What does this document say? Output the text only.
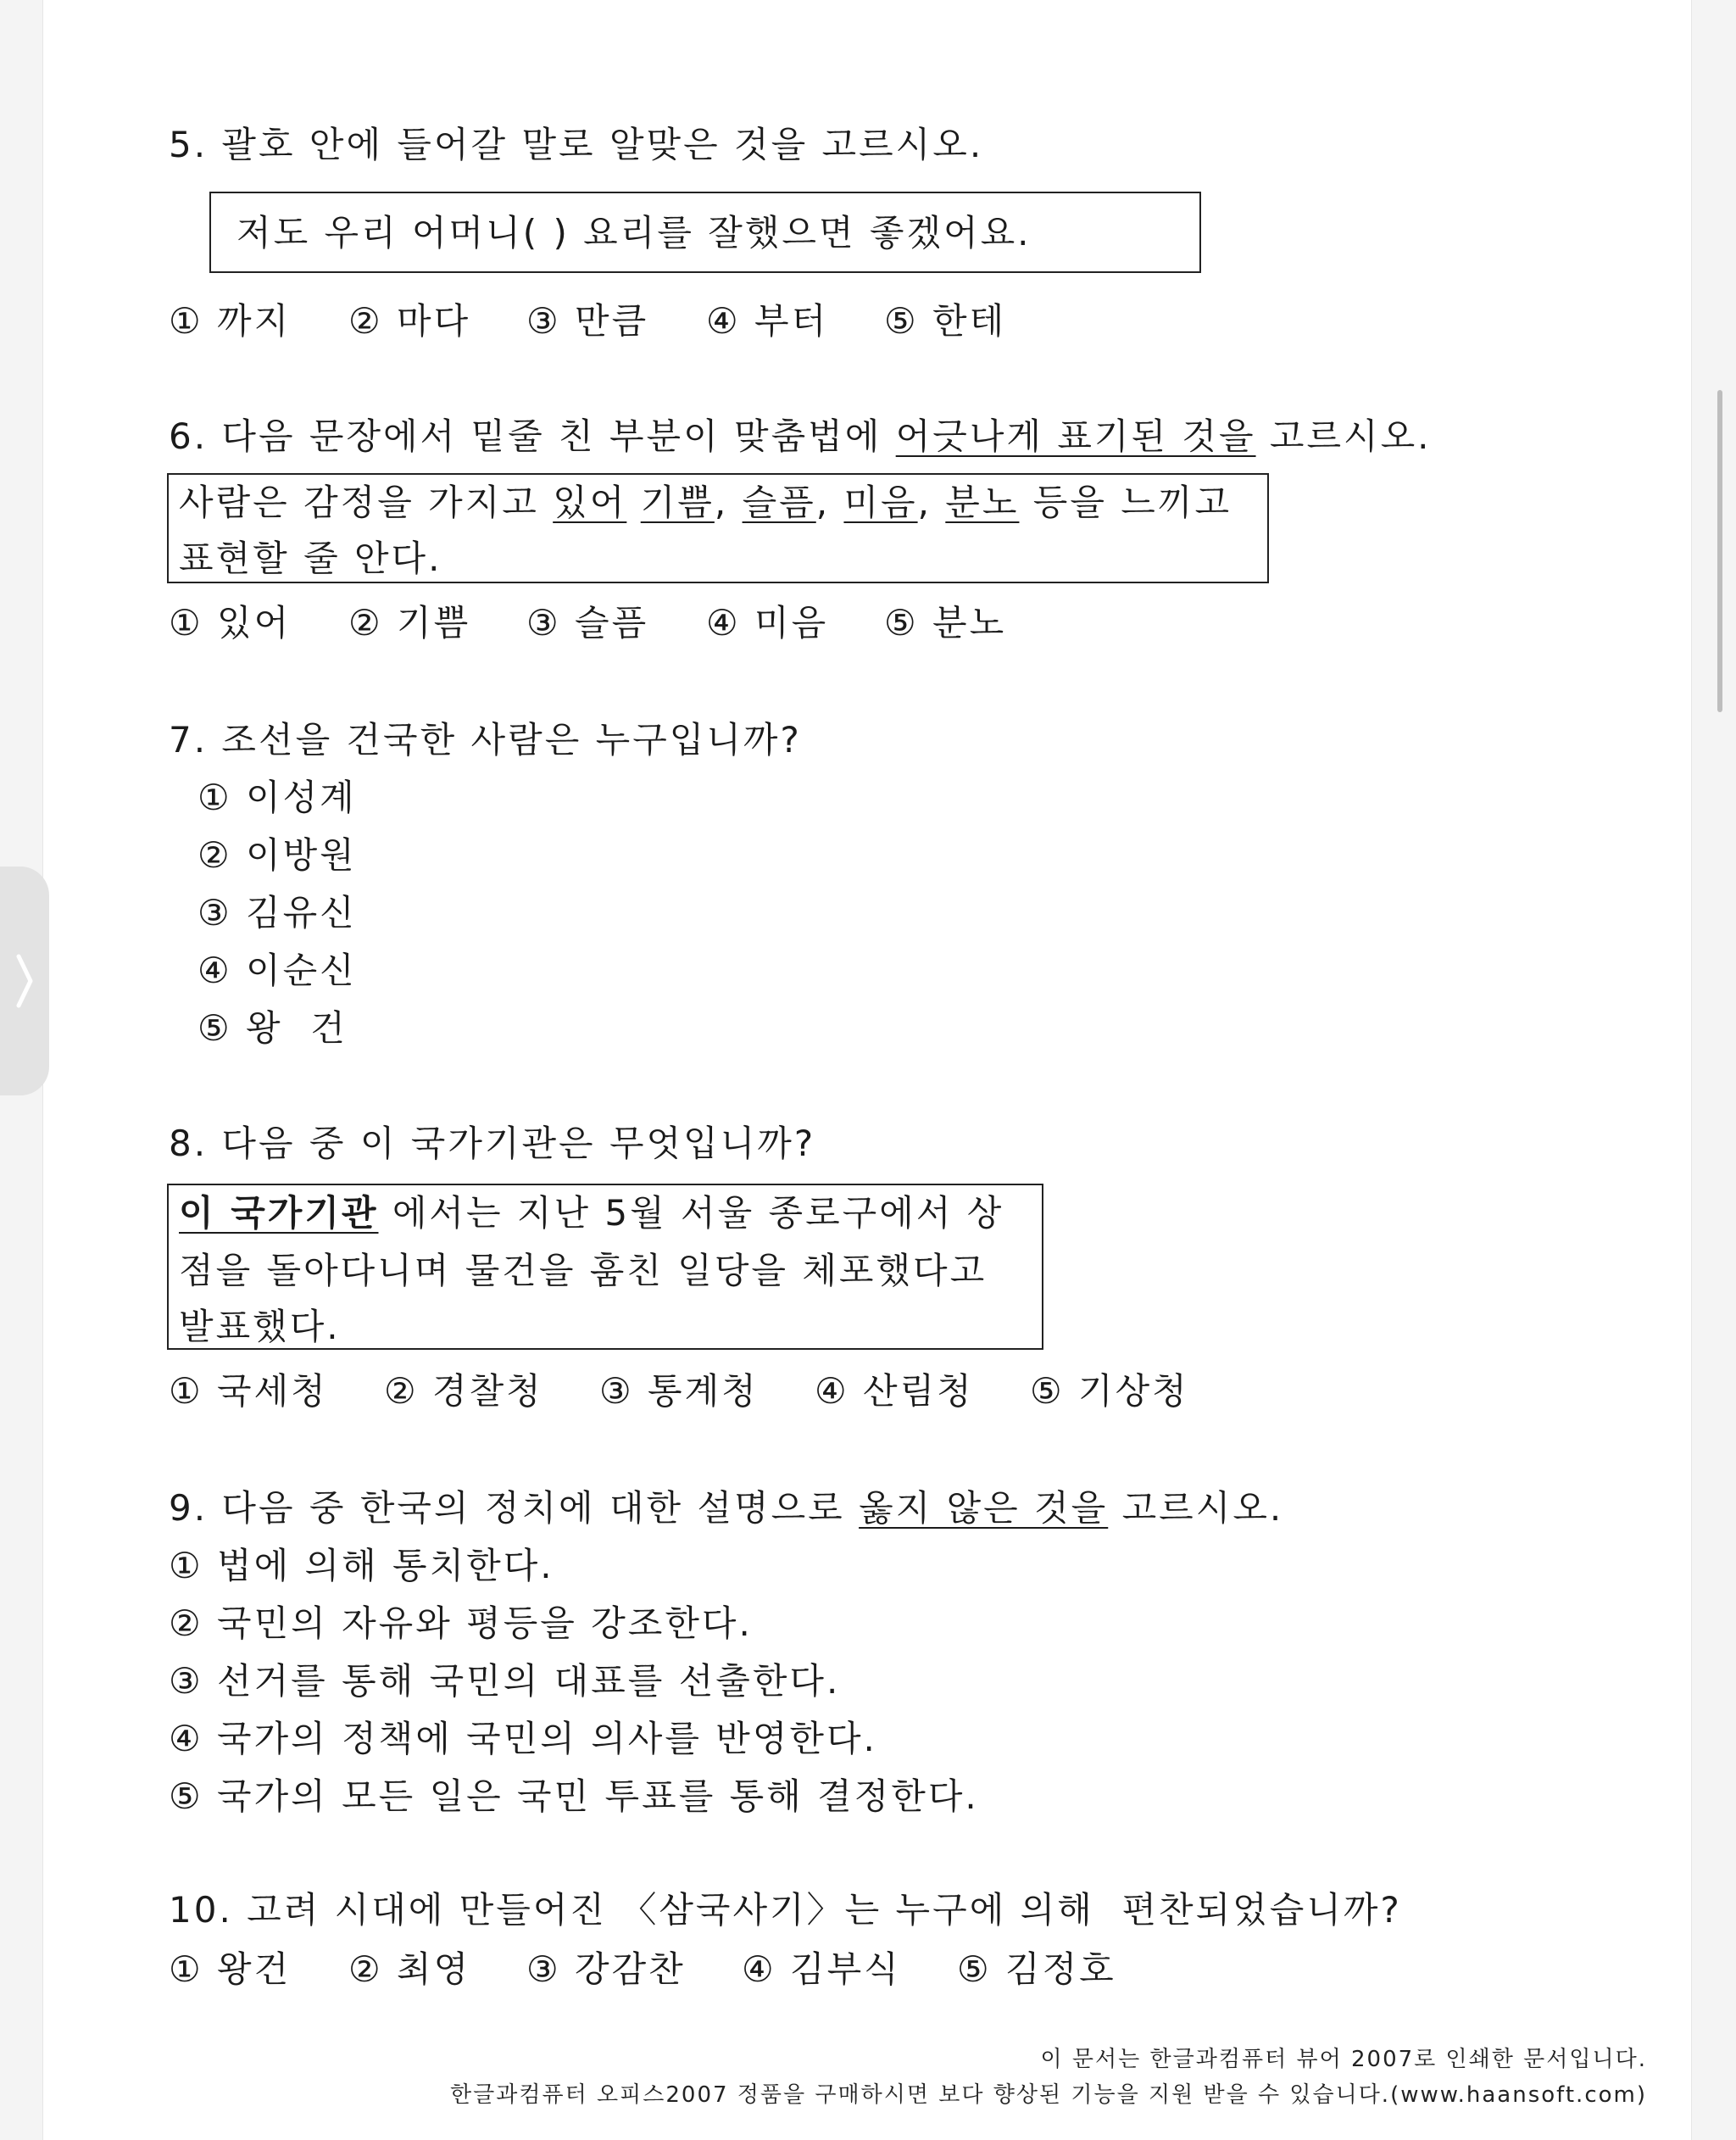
5. 괄호 안에 들어갈 말로 알맞은 것을 고르시오.
저도 우리 어머니( ) 요리를 잘했으면 좋겠어요.
① 까지 ② 마다 ③ 만큼 ④ 부터 ⑤ 한테
6. 다음 문장에서 밑줄 친 부분이 맞춤법에 어긋나게 표기된 것을 고르시오.
사람은 감정을 가지고 있어 기쁨, 슬픔, 미음, 분노 등을 느끼고
표현할 줄 안다.
① 있어 ② 기쁨 ③ 슬픔 ④ 미음 ⑤ 분노
7. 조선을 건국한 사람은 누구입니까?
① 이성계
② 이방원
③ 김유신
④ 이순신
⑤ 왕  건
8. 다음 중 이 국가기관은 무엇입니까?
이 국가기관 에서는 지난 5월 서울 종로구에서 상
점을 돌아다니며 물건을 훔친 일당을 체포했다고
발표했다.
① 국세청 ② 경찰청 ③ 통계청 ④ 산림청 ⑤ 기상청
9. 다음 중 한국의 정치에 대한 설명으로 옳지 않은 것을 고르시오.
① 법에 의해 통치한다.
② 국민의 자유와 평등을 강조한다.
③ 선거를 통해 국민의 대표를 선출한다.
④ 국가의 정책에 국민의 의사를 반영한다.
⑤ 국가의 모든 일은 국민 투표를 통해 결정한다.
10. 고려 시대에 만들어진 〈삼국사기〉는 누구에 의해  편찬되었습니까?
① 왕건 ② 최영 ③ 강감찬 ④ 김부식 ⑤ 김정호
이 문서는 한글과컴퓨터 뷰어 2007로 인쇄한 문서입니다.
한글과컴퓨터 오피스2007 정품을 구매하시면 보다 향상된 기능을 지원 받을 수 있습니다.(www.haansoft.com)
